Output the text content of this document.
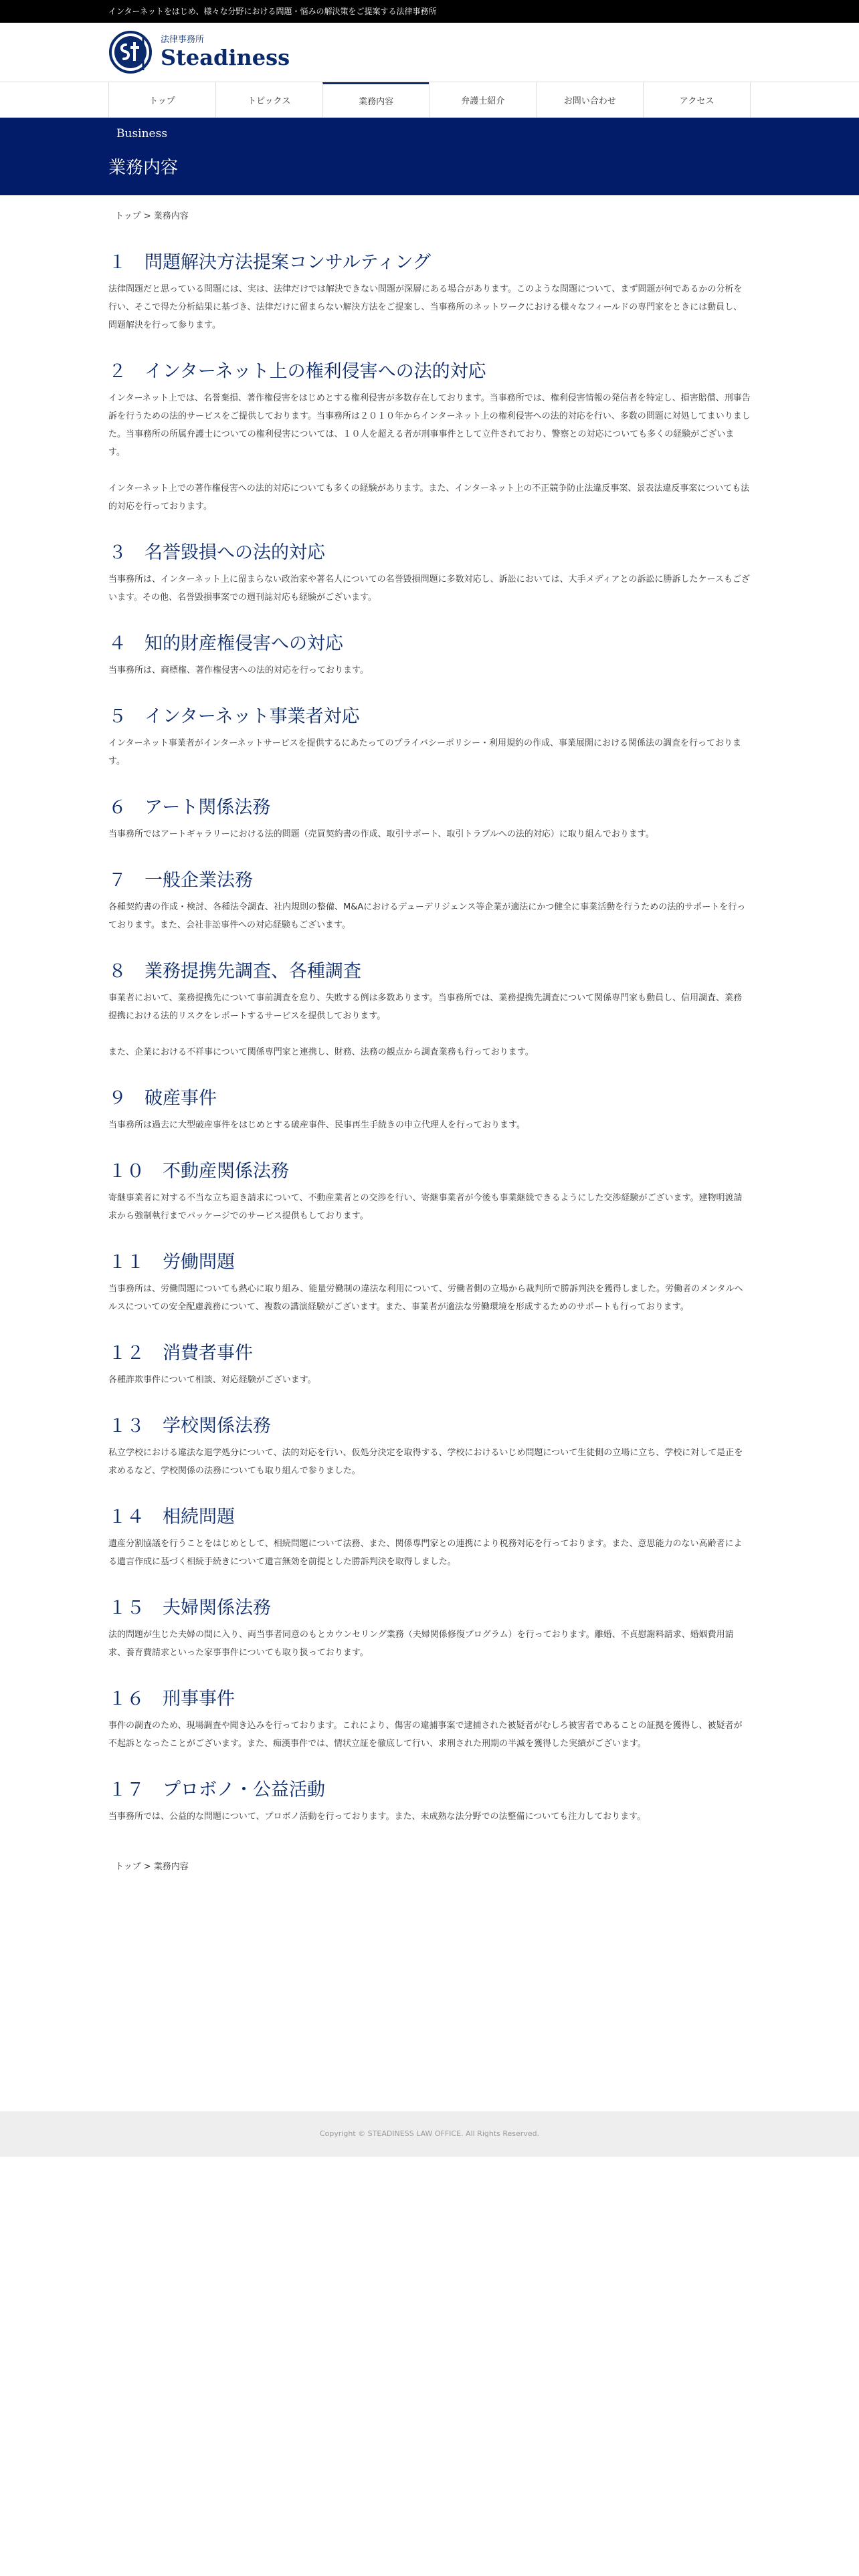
インターネットをはじめ、様々な分野における問題・悩みの解決策をご提案する法律事務所
法律事務所
Steadiness
トップ	トピックス	業務内容	弁護士紹介	お問い合わせ	アクセス
Business
業務内容
トップ > 業務内容
１　問題解決方法提案コンサルティング

法律問題だと思っている問題には、実は、法律だけでは解決できない問題が深層にある場合があります。このような問題について、まず問題が何であるかの分析を行い、そこで得た分析結果に基づき、法律だけに留まらない解決方法をご提案し、当事務所のネットワークにおける様々なフィールドの専門家をときには動員し、問題解決を行って参ります。

２　インターネット上の権利侵害への法的対応

インターネット上では、名誉棄損、著作権侵害をはじめとする権利侵害が多数存在しております。当事務所では、権利侵害情報の発信者を特定し、損害賠償、刑事告訴を行うための法的サービスをご提供しております。当事務所は２０１０年からインターネット上の権利侵害への法的対応を行い、多数の問題に対処してまいりました。当事務所の所属弁護士についての権利侵害については、１０人を超える者が刑事事件として立件されており、警察との対応についても多くの経験がございます。

インターネット上での著作権侵害への法的対応についても多くの経験があります。また、インターネット上の不正競争防止法違反事案、景表法違反事案についても法的対応を行っております。

３　名誉毀損への法的対応

当事務所は、インターネット上に留まらない政治家や著名人についての名誉毀損問題に多数対応し、訴訟においては、大手メディアとの訴訟に勝訴したケースもございます。その他、名誉毀損事案での週刊誌対応も経験がございます。

４　知的財産権侵害への対応

当事務所は、商標権、著作権侵害への法的対応を行っております。

５　インターネット事業者対応

インターネット事業者がインターネットサービスを提供するにあたってのプライバシーポリシー・利用規約の作成、事業展開における関係法の調査を行っております。

６　アート関係法務

当事務所ではアートギャラリーにおける法的問題（売買契約書の作成、取引サポート、取引トラブルへの法的対応）に取り組んでおります。

７　一般企業法務

各種契約書の作成・検討、各種法令調査、社内規則の整備、M&Aにおけるデューデリジェンス等企業が適法にかつ健全に事業活動を行うための法的サポートを行っております。また、会社非訟事件への対応経験もございます。

８　業務提携先調査、各種調査

事業者において、業務提携先について事前調査を怠り、失敗する例は多数あります。当事務所では、業務提携先調査について関係専門家も動員し、信用調査、業務提携における法的リスクをレポートするサービスを提供しております。

また、企業における不祥事について関係専門家と連携し、財務、法務の観点から調査業務も行っております。

９　破産事件

当事務所は過去に大型破産事件をはじめとする破産事件、民事再生手続きの申立代理人を行っております。

１０　不動産関係法務

寄継事業者に対する不当な立ち退き請求について、不動産業者との交渉を行い、寄継事業者が今後も事業継続できるようにした交渉経験がございます。建物明渡請求から強制執行までパッケージでのサービス提供もしております。

１１　労働問題

当事務所は、労働問題についても熱心に取り組み、能量労働制の違法な利用について、労働者側の立場から裁判所で勝訴判決を獲得しました。労働者のメンタルヘルスについての安全配慮義務について、複数の講演経験がございます。また、事業者が適法な労働環境を形成するためのサポートも行っております。

１２　消費者事件

各種詐欺事件について相談、対応経験がございます。

１３　学校関係法務

私立学校における違法な退学処分について、法的対応を行い、仮処分決定を取得する、学校におけるいじめ問題について生徒側の立場に立ち、学校に対して是正を求めるなど、学校関係の法務についても取り組んで参りました。

１４　相続問題

遺産分割協議を行うことをはじめとして、相続問題について法務、また、関係専門家との連携により税務対応を行っております。また、意思能力のない高齢者による遺言作成に基づく相続手続きについて遺言無効を前提とした勝訴判決を取得しました。

１５　夫婦関係法務

法的問題が生じた夫婦の間に入り、両当事者同意のもとカウンセリング業務（夫婦関係修復プログラム）を行っております。離婚、不貞慰謝料請求、婚姻費用請求、養育費請求といった家事事件についても取り扱っております。

１６　刑事事件

事件の調査のため、現場調査や聞き込みを行っております。これにより、傷害の違捕事案で逮捕された被疑者がむしろ被害者であることの証拠を獲得し、被疑者が不起訴となったことがございます。また、痴漢事件では、情状立証を徹底して行い、求刑された刑期の半減を獲得した実績がございます。

１７　プロボノ・公益活動

当事務所では、公益的な問題について、プロボノ活動を行っております。また、未成熟な法分野での法整備についても注力しております。

トップ > 業務内容
Copyright © STEADINESS LAW OFFICE. All Rights Reserved.
